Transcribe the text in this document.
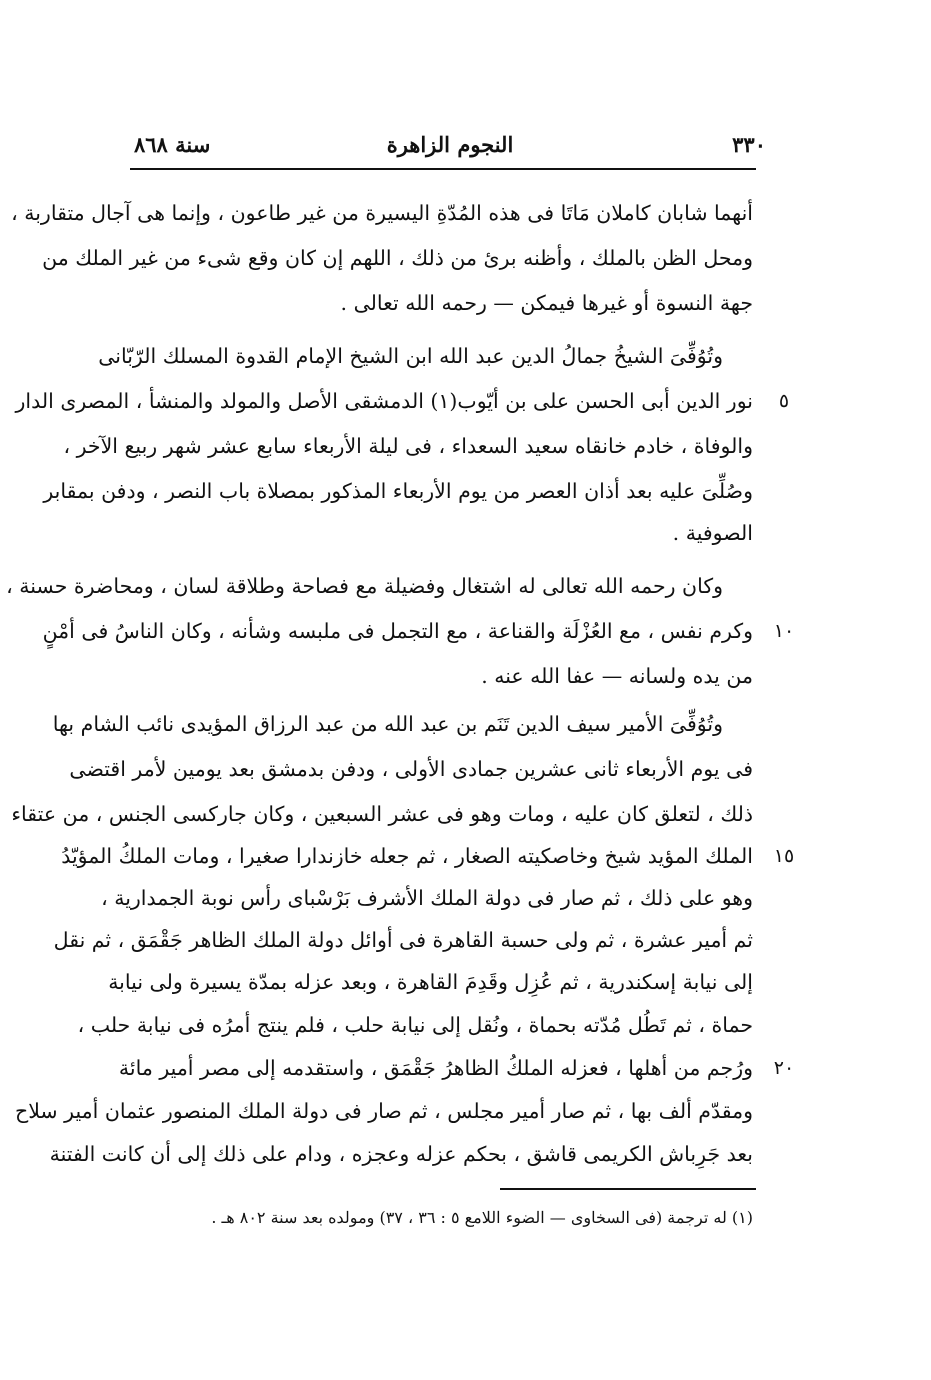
٣٣٠
النجوم الزاهرة
سنة ٨٦٨
أنهما شابان كاملان مَاتَا فى هذه المُدّةِ اليسيرة من غير طاعون ، وإنما هى آجال متقاربة ،
ومحل الظن بالملك ، وأظنه برئ من ذلك ، اللهم إن كان وقع شىء من غير الملك من
جهة النسوة أو غيرها فيمكن — رحمه الله تعالى .
وتُوُفِّىَ الشيخُ جمالُ الدين عبد الله ابن الشيخ الإمام القدوة المسلك الرّبّانى
نور الدين أبى الحسن على بن أيّوب(١) الدمشقى الأصل والمولد والمنشأ ، المصرى الدار
والوفاة ، خادم خانقاه سعيد السعداء ، فى ليلة الأربعاء سابع عشر شهر ربيع الآخر ،
وصُلِّىَ عليه بعد أذان العصر من يوم الأربعاء المذكور بمصلاة باب النصر ، ودفن بمقابر
الصوفية .
وكان رحمه الله تعالى له اشتغال وفضيلة مع فصاحة وطلاقة لسان ، ومحاضرة حسنة ،
وكرم نفس ، مع العُزْلَة والقناعة ، مع التجمل فى ملبسه وشأنه ، وكان الناسُ فى أمْنٍ
من يده ولسانه — عفا الله عنه .
وتُوُفِّىَ الأمير سيف الدين تَنَم بن عبد الله من عبد الرزاق المؤيدى نائب الشام بها
فى يوم الأربعاء ثانى عشرين جمادى الأولى ، ودفن بدمشق بعد يومين لأمر اقتضى
ذلك ، لتعلق كان عليه ، ومات وهو فى عشر السبعين ، وكان جاركسى الجنس ، من عتقاء
الملك المؤيد شيخ وخاصكيته الصغار ، ثم جعله خازندارا صغيرا ، ومات الملكُ المؤيّدُ
وهو على ذلك ، ثم صار فى دولة الملك الأشرف بَرْسْباى رأس نوبة الجمدارية ،
ثم أمير عشرة ، ثم ولى حسبة القاهرة فى أوائل دولة الملك الظاهر جَقْمَق ، ثم نقل
إلى نيابة إسكندرية ، ثم عُزِل وقَدِمَ القاهرة ، وبعد عزله بمدّة يسيرة ولى نيابة
حماة ، ثم تَطُل مُدّته بحماة ، ونُقل إلى نيابة حلب ، فلم ينتج أمرُه فى نيابة حلب ،
ورُجم من أهلها ، فعزله الملكُ الظاهرُ جَقْمَق ، واستقدمه إلى مصر أمير مائة
ومقدّم ألف بها ، ثم صار أمير مجلس ، ثم صار فى دولة الملك المنصور عثمان أمير سلاح
بعد جَرِباش الكريمى قاشق ، بحكم عزله وعجزه ، ودام على ذلك إلى أن كانت الفتنة
٥
١٠
١٥
٢٠
(١) له ترجمة (فى السخاوى — الضوء اللامع ٥ : ٣٦ ، ٣٧) ومولده بعد سنة ٨٠٢ هـ .
